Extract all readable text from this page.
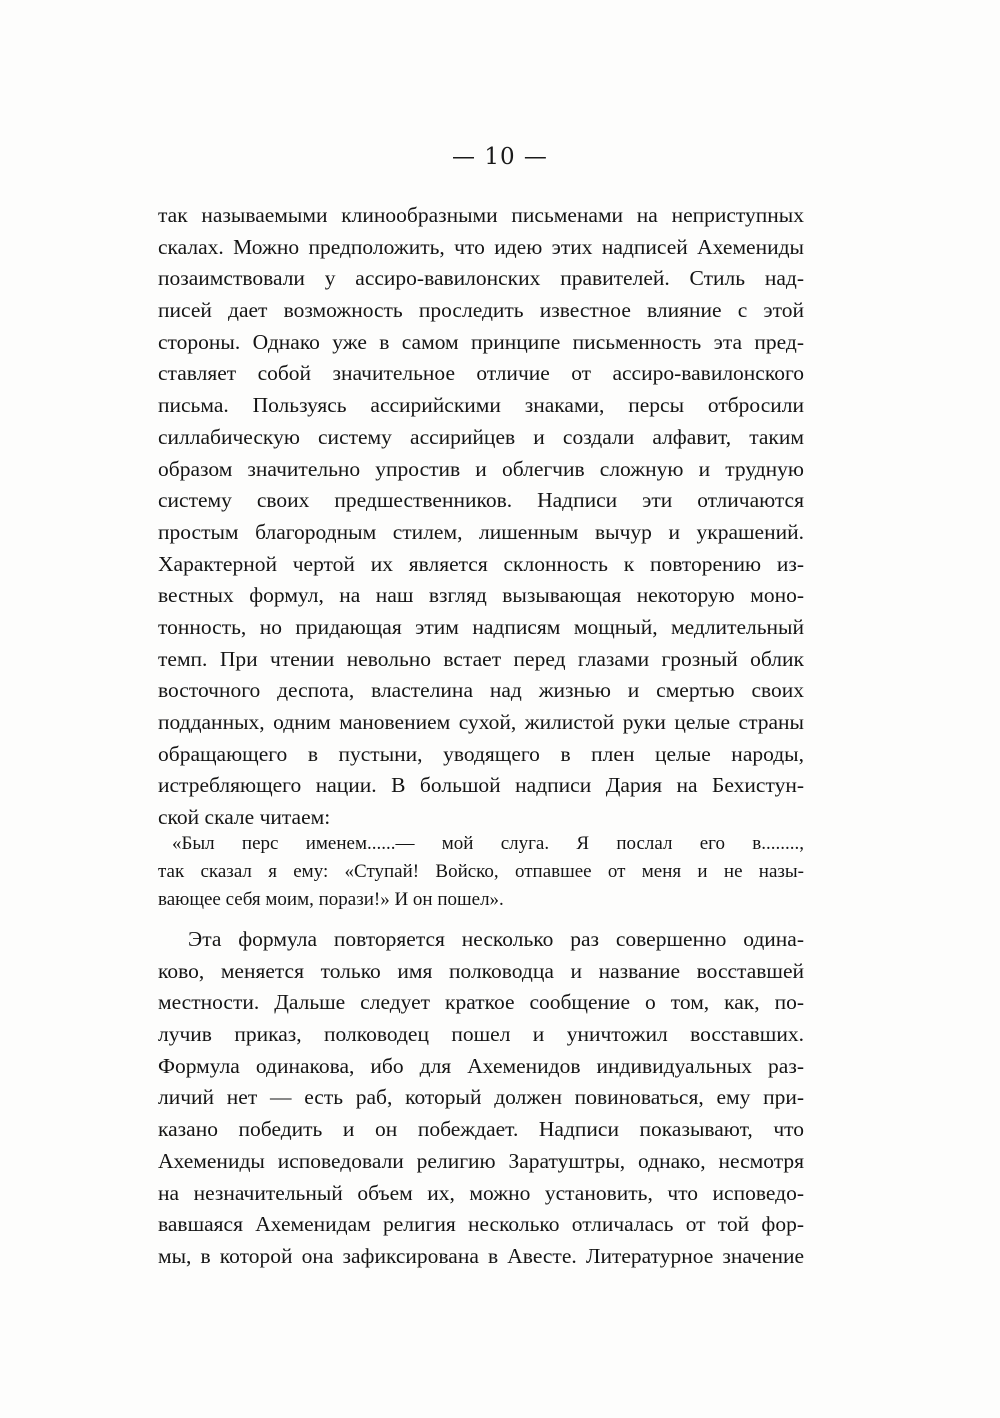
— 10 —
так называемыми клинообразными письменами на неприступных
скалах. Можно предположить, что идею этих надписей Ахемениды
позаимствовали у ассиро-вавилонских правителей. Стиль над-
писей дает возможность проследить известное влияние с этой
стороны. Однако уже в самом принципе письменность эта пред-
ставляет собой значительное отличие от ассиро-вавилонского
письма. Пользуясь ассирийскими знаками, персы отбросили
силлабическую систему ассирийцев и создали алфавит, таким
образом значительно упростив и облегчив сложную и трудную
систему своих предшественников. Надписи эти отличаются
простым благородным стилем, лишенным вычур и украшений.
Характерной чертой их является склонность к повторению из-
вестных формул, на наш взгляд вызывающая некоторую моно-
тонность, но придающая этим надписям мощный, медлительный
темп. При чтении невольно встает перед глазами грозный облик
восточного деспота, властелина над жизнью и смертью своих
подданных, одним мановением сухой, жилистой руки целые страны
обращающего в пустыни, уводящего в плен целые народы,
истребляющего нации. В большой надписи Дария на Бехистун-
ской скале читаем:
«Был перс именем......— мой слуга. Я послал его в........,
так сказал я ему: «Ступай! Войско, отпавшее от меня и не назы-
вающее себя моим, порази!» И он пошел».
Эта формула повторяется несколько раз совершенно одина-
ково, меняется только имя полководца и название восставшей
местности. Дальше следует краткое сообщение о том, как, по-
лучив приказ, полководец пошел и уничтожил восставших.
Формула одинакова, ибо для Ахеменидов индивидуальных раз-
личий нет — есть раб, который должен повиноваться, ему при-
казано победить и он побеждает. Надписи показывают, что
Ахемениды исповедовали религию Заратуштры, однако, несмотря
на незначительный объем их, можно установить, что исповедо-
вавшаяся Ахеменидам религия несколько отличалась от той фор-
мы, в которой она зафиксирована в Авесте. Литературное значение
